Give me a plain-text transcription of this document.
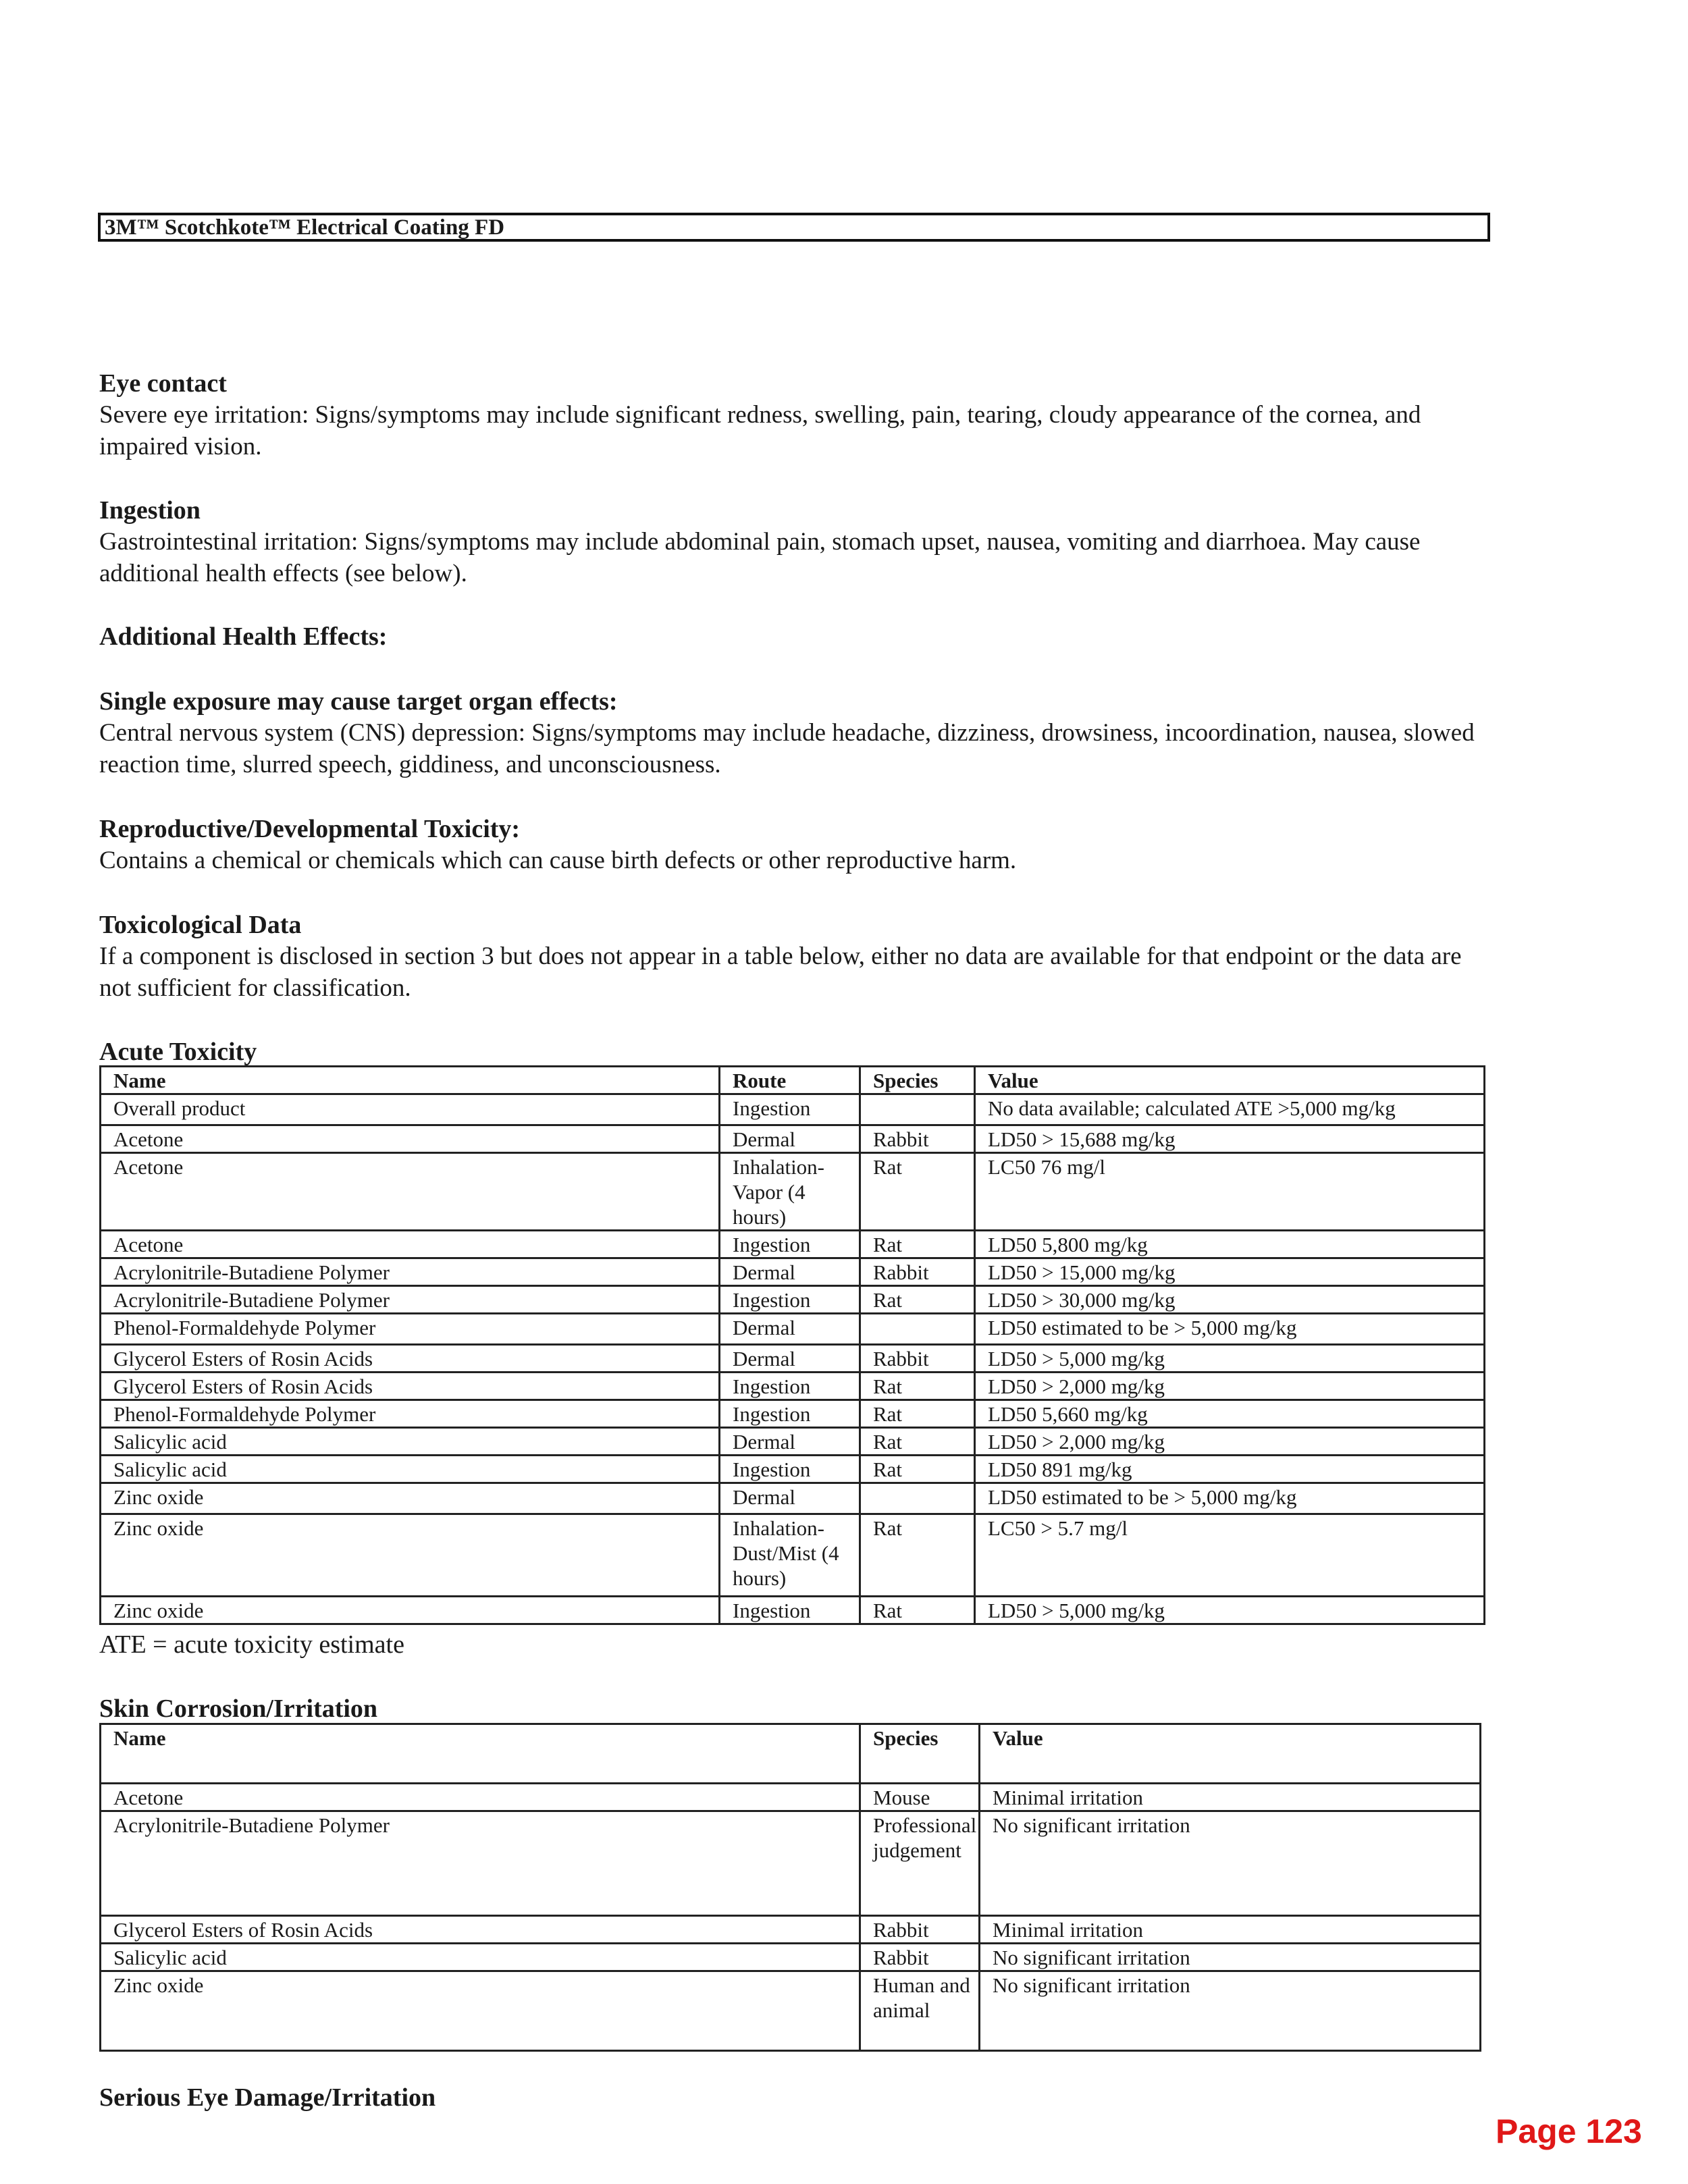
3M™ Scotchkote™ Electrical Coating FD
Eye contact

Severe eye irritation: Signs/symptoms may include significant redness, swelling, pain, tearing, cloudy appearance of the cornea, and impaired vision.

Ingestion

Gastrointestinal irritation: Signs/symptoms may include abdominal pain, stomach upset, nausea, vomiting and diarrhoea. May cause additional health effects (see below).

Additional Health Effects:
Single exposure may cause target organ effects:

Central nervous system (CNS) depression: Signs/symptoms may include headache, dizziness, drowsiness, incoordination, nausea, slowed reaction time, slurred speech, giddiness, and unconsciousness.

Reproductive/Developmental Toxicity:

Contains a chemical or chemicals which can cause birth defects or other reproductive harm.

Toxicological Data

If a component is disclosed in section 3 but does not appear in a table below, either no data are available for that endpoint or the data are not sufficient for classification.

Acute Toxicity
Name	Route	Species	Value
Overall product	Ingestion		No data available; calculated ATE >5,000 mg/kg
Acetone	Dermal	Rabbit	LD50 > 15,688 mg/kg
Acetone	Inhalation-Vapor (4 hours)	Rat	LC50 76 mg/l
Acetone	Ingestion	Rat	LD50 5,800 mg/kg
Acrylonitrile-Butadiene Polymer	Dermal	Rabbit	LD50 > 15,000 mg/kg
Acrylonitrile-Butadiene Polymer	Ingestion	Rat	LD50 > 30,000 mg/kg
Phenol-Formaldehyde Polymer	Dermal		LD50 estimated to be > 5,000 mg/kg
Glycerol Esters of Rosin Acids	Dermal	Rabbit	LD50 > 5,000 mg/kg
Glycerol Esters of Rosin Acids	Ingestion	Rat	LD50 > 2,000 mg/kg
Phenol-Formaldehyde Polymer	Ingestion	Rat	LD50 5,660 mg/kg
Salicylic acid	Dermal	Rat	LD50 > 2,000 mg/kg
Salicylic acid	Ingestion	Rat	LD50 891 mg/kg
Zinc oxide	Dermal		LD50 estimated to be > 5,000 mg/kg
Zinc oxide	Inhalation-Dust/Mist (4 hours)	Rat	LC50 > 5.7 mg/l
Zinc oxide	Ingestion	Rat	LD50 > 5,000 mg/kg
ATE = acute toxicity estimate
Skin Corrosion/Irritation
Name	Species	Value
Acetone	Mouse	Minimal irritation
Acrylonitrile-Butadiene Polymer	Professional judgement	No significant irritation
Glycerol Esters of Rosin Acids	Rabbit	Minimal irritation
Salicylic acid	Rabbit	No significant irritation
Zinc oxide	Human and animal	No significant irritation
Serious Eye Damage/Irritation
Page 123
